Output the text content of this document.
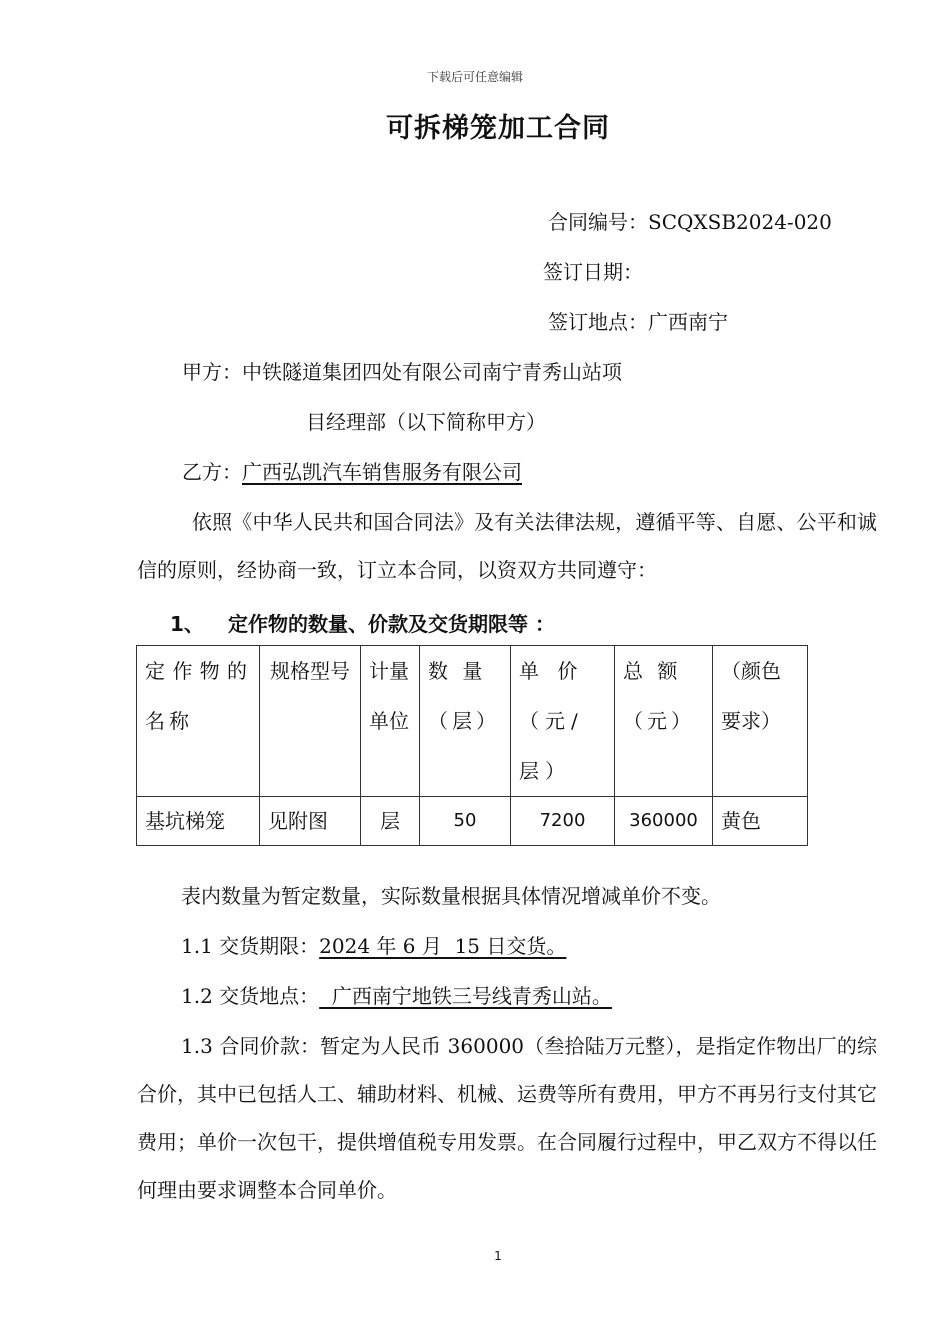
下载后可任意编辑
可拆梯笼加工合同
合同编号：SCQXSB2024-020
签订日期：
签订地点：广西南宁
甲方：中铁隧道集团四处有限公司南宁青秀山站项
目经理部（以下简称甲方）
乙方：广西弘凯汽车销售服务有限公司
依照《中华人民共和国合同法》及有关法律法规，遵循平等、自愿、公平和诚信的原则，经协商一致，订立本合同，以资双方共同遵守：
1、 定作物的数量、价款及交货期限等 ：
定作物的名称	规格型号	计量单位	数 量（层）	单 价（元/层）	总 额（元）	（颜色要求）
基坑梯笼	见附图	层	50	7200	360000	黄色
表内数量为暂定数量，实际数量根据具体情况增减单价不变。
1.1 交货期限：2024 年 6 月  15 日交货。
1.2 交货地点：  广西南宁地铁三号线青秀山站。
1.3 合同价款：暂定为人民币 360000（叁拾陆万元整），是指定作物出厂的综合价，其中已包括人工、辅助材料、机械、运费等所有费用，甲方不再另行支付其它费用；单价一次包干，提供增值税专用发票。在合同履行过程中，甲乙双方不得以任何理由要求调整本合同单价。
1
